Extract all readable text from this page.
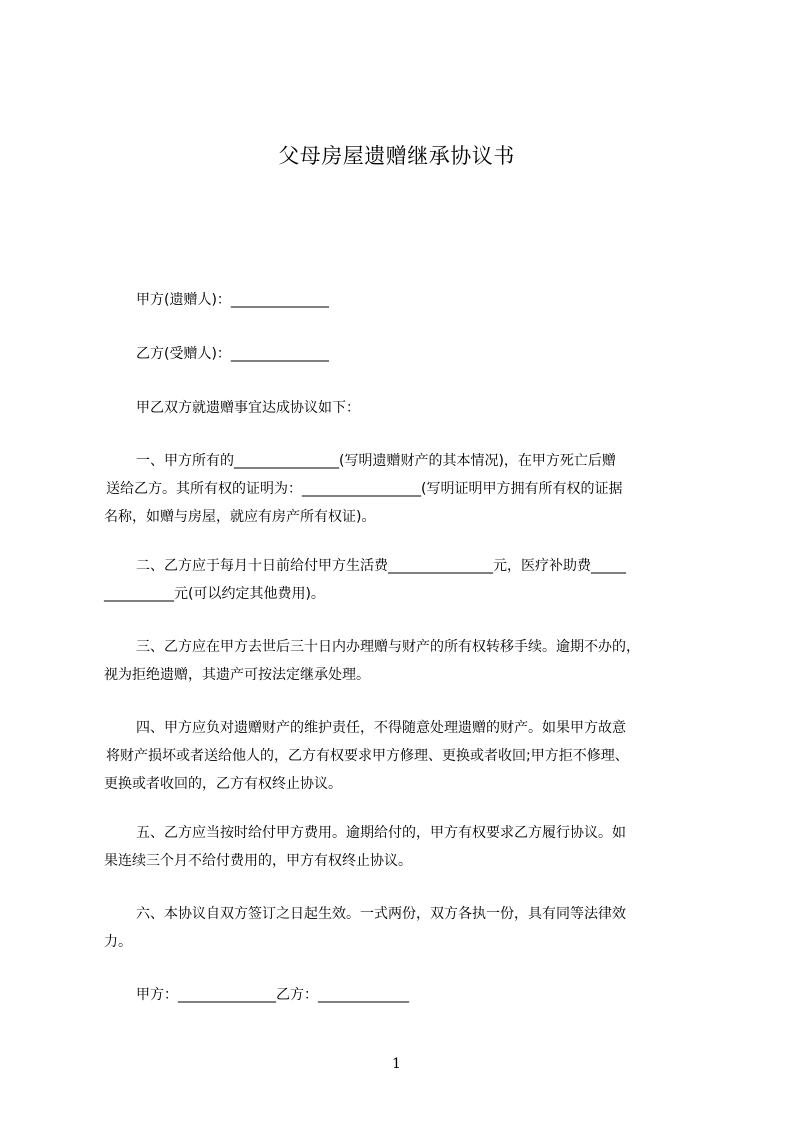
父母房屋遗赠继承协议书
甲方(遗赠人)：______________
乙方(受赠人)：______________
甲乙双方就遗赠事宜达成协议如下：
一、甲方所有的_______________(写明遗赠财产的其本情况)，在甲方死亡后赠
送给乙方。其所有权的证明为：_________________(写明证明甲方拥有所有权的证据
名称，如赠与房屋，就应有房产所有权证)。
二、乙方应于每月十日前给付甲方生活费_______________元，医疗补助费_____
__________元(可以约定其他费用)。
三、乙方应在甲方去世后三十日内办理赠与财产的所有权转移手续。逾期不办的，
视为拒绝遗赠，其遗产可按法定继承处理。
四、甲方应负对遗赠财产的维护责任，不得随意处理遗赠的财产。如果甲方故意
将财产损坏或者送给他人的，乙方有权要求甲方修理、更换或者收回;甲方拒不修理、
更换或者收回的，乙方有权终止协议。
五、乙方应当按时给付甲方费用。逾期给付的，甲方有权要求乙方履行协议。如
果连续三个月不给付费用的，甲方有权终止协议。
六、本协议自双方签订之日起生效。一式两份，双方各执一份，具有同等法律效
力。
甲方：______________乙方：_____________
1
